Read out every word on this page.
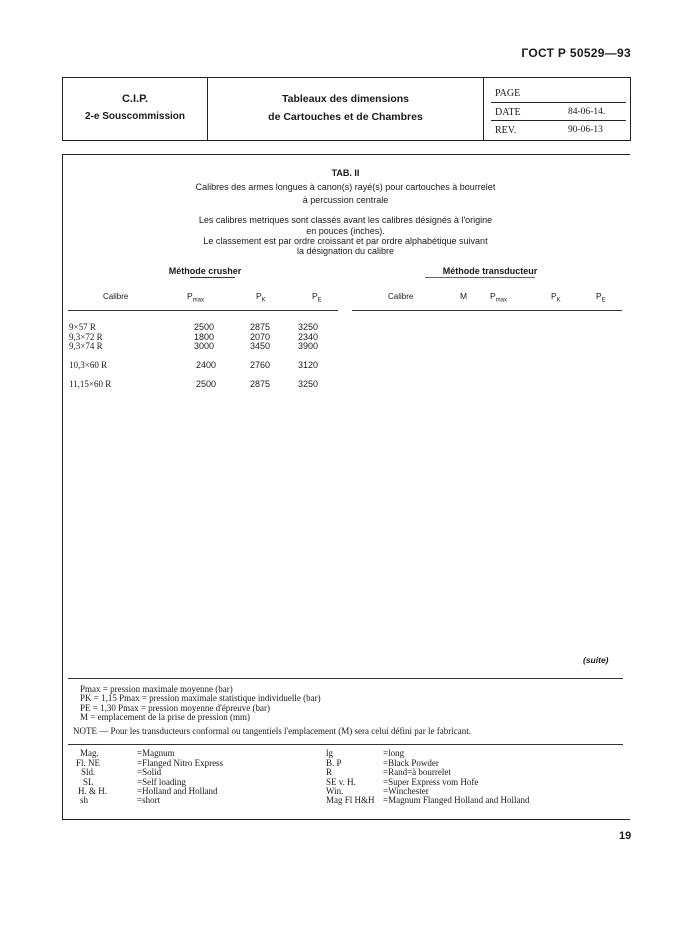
ГОСТ Р 50529—93
C.I.P.
2-e Souscommission
Tableaux des dimensions
de Cartouches et de Chambres
PAGE
DATE	84-06-14.
REV.	90-06-13
TAB. II
Calibres des armes longues à canon(s) rayé(s) pour cartouches à bourrelet
à percussion centrale
Les calibres metriques sont classés avant les calibres désignés à l'origine
en pouces (inches).
Le classement est par ordre croissant et par ordre alphabétique suivant
la désignation du calibre
Méthode crusher	Méthode transducteur
Calibre	$P_{max}$	$P_K$	$P_E$	Calibre	M	$P_{max}$	$P_K$	$P_E$
9×57 R	2500	2875	3250
9,3×72 R	1800	2070	2340
9,3×74 R	3000	3450	3900
10,3×60 R	2400	2760	3120
11,15×60 R	2500	2875	3250
(suite)
Pmax = pression maximale moyenne (bar)
PK = 1,15 Pmax = pression maximale statistique individuelle (bar)
PE = 1,30 Pmax = pression moyenne d'épreuve (bar)
M = emplacement de la prise de pression (mm)
NOTE — Pour les transducteurs conformal ou tangentiels l'emplacement (M) sera celui défini par le fabricant.
Mag.	=Magnum
Fl. NE	=Flanged Nitro Express
Sld.	=Solid
SL	=Self loading
H. & H.	=Holland and Holland
sh	=short
lg	=long
B. P	=Black Powder
R	=Rand=à bourrelet
SE v. H.	=Super Express vom Hofe
Win.	=Winchester
Mag Fl H&H =Magnum Flanged Holland and Holland
19
